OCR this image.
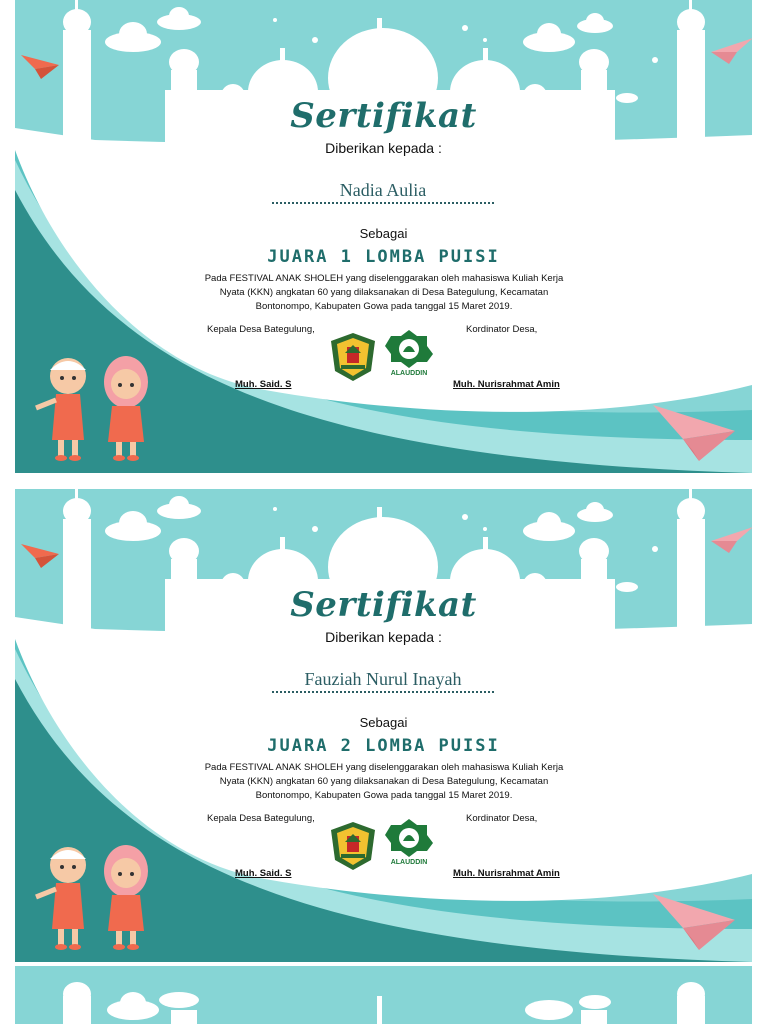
Sertifikat
Diberikan kepada :
Nadia Aulia
Sebagai
JUARA 1 LOMBA PUISI
Pada FESTIVAL ANAK SHOLEH yang diselenggarakan oleh mahasiswa Kuliah Kerja Nyata (KKN) angkatan 60 yang dilaksanakan di Desa Bategulung, Kecamatan Bontonompo, Kabupaten Gowa pada tanggal 15 Maret 2019.
Kepala Desa Bategulung,	Kordinator Desa,
Muh. Said. S	Muh. Nurisrahmat Amin
ALAUDDIN
Sertifikat
Diberikan kepada :
Fauziah Nurul Inayah
Sebagai
JUARA 2 LOMBA PUISI
Pada FESTIVAL ANAK SHOLEH yang diselenggarakan oleh mahasiswa Kuliah Kerja Nyata (KKN) angkatan 60 yang dilaksanakan di Desa Bategulung, Kecamatan Bontonompo, Kabupaten Gowa pada tanggal 15 Maret 2019.
Kepala Desa Bategulung,	Kordinator Desa,
Muh. Said. S	Muh. Nurisrahmat Amin
ALAUDDIN
